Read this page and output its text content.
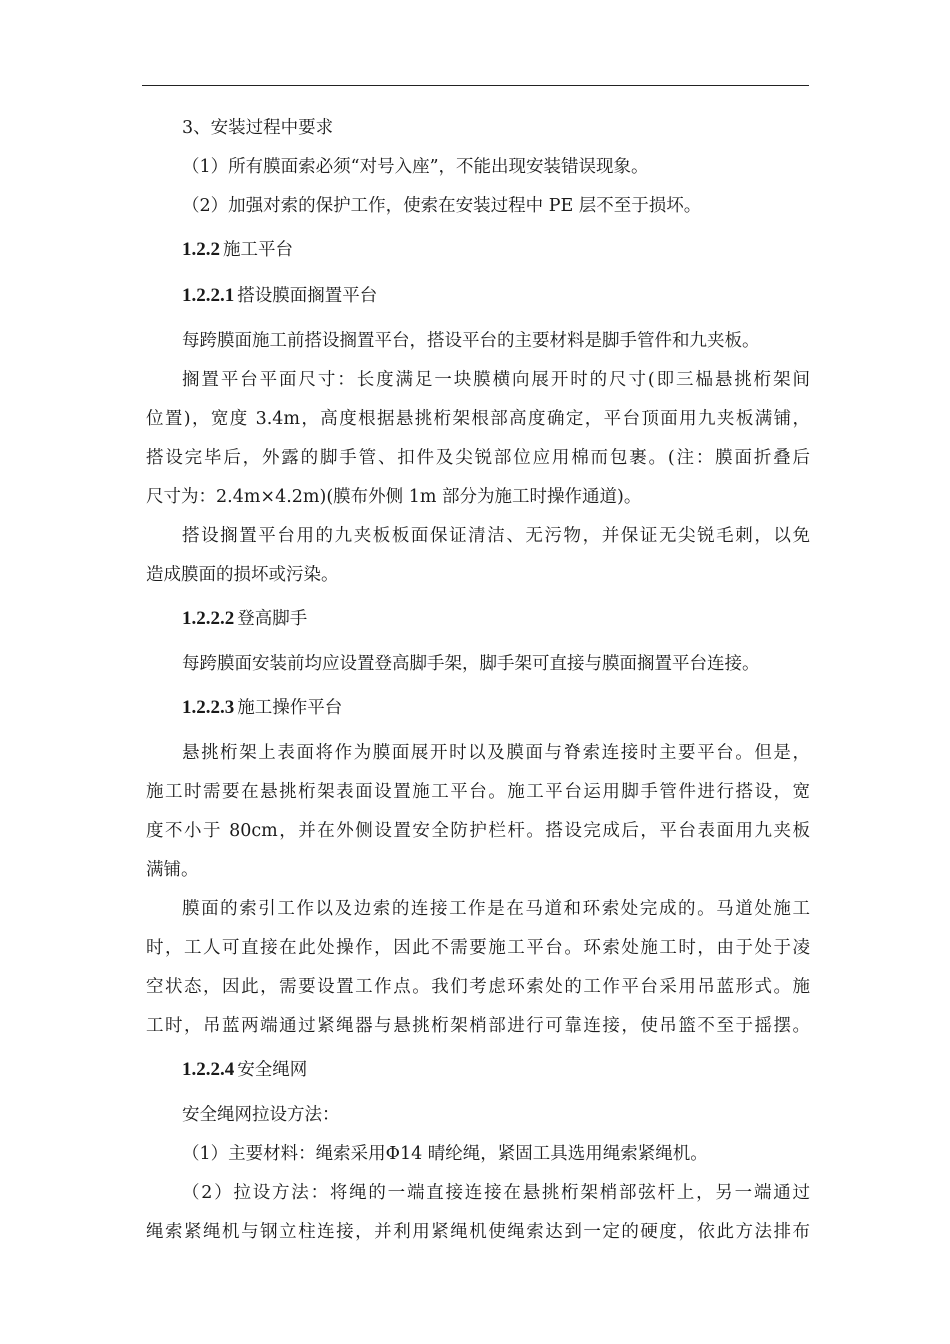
3、安装过程中要求
（1）所有膜面索必须“对号入座”，不能出现安装错误现象。
（2）加强对索的保护工作，使索在安装过程中 PE 层不至于损坏。
1.2.2 施工平台
1.2.2.1 搭设膜面搁置平台
每跨膜面施工前搭设搁置平台，搭设平台的主要材料是脚手管件和九夹板。
搁置平台平面尺寸：长度满足一块膜横向展开时的尺寸(即三榀悬挑桁架间
位置)，宽度 3.4m，高度根据悬挑桁架根部高度确定，平台顶面用九夹板满铺，
搭设完毕后，外露的脚手管、扣件及尖锐部位应用棉而包裹。(注：膜面折叠后
尺寸为：2.4m×4.2m)(膜布外侧 1m 部分为施工时操作通道)。
搭设搁置平台用的九夹板板面保证清洁、无污物，并保证无尖锐毛刺，以免
造成膜面的损坏或污染。
1.2.2.2 登高脚手
每跨膜面安装前均应设置登高脚手架，脚手架可直接与膜面搁置平台连接。
1.2.2.3 施工操作平台
悬挑桁架上表面将作为膜面展开时以及膜面与脊索连接时主要平台。但是，
施工时需要在悬挑桁架表面设置施工平台。施工平台运用脚手管件进行搭设，宽
度不小于 80cm，并在外侧设置安全防护栏杆。搭设完成后，平台表面用九夹板
满铺。
膜面的索引工作以及边索的连接工作是在马道和环索处完成的。马道处施工
时，工人可直接在此处操作，因此不需要施工平台。环索处施工时，由于处于凌
空状态，因此，需要设置工作点。我们考虑环索处的工作平台采用吊蓝形式。施
工时，吊蓝两端通过紧绳器与悬挑桁架梢部进行可靠连接，使吊篮不至于摇摆。
1.2.2.4 安全绳网
安全绳网拉设方法：
（1）主要材料：绳索采用Φ14 晴纶绳，紧固工具选用绳索紧绳机。
（2）拉设方法：将绳的一端直接连接在悬挑桁架梢部弦杆上，另一端通过
绳索紧绳机与钢立柱连接，并利用紧绳机使绳索达到一定的硬度，依此方法排布
